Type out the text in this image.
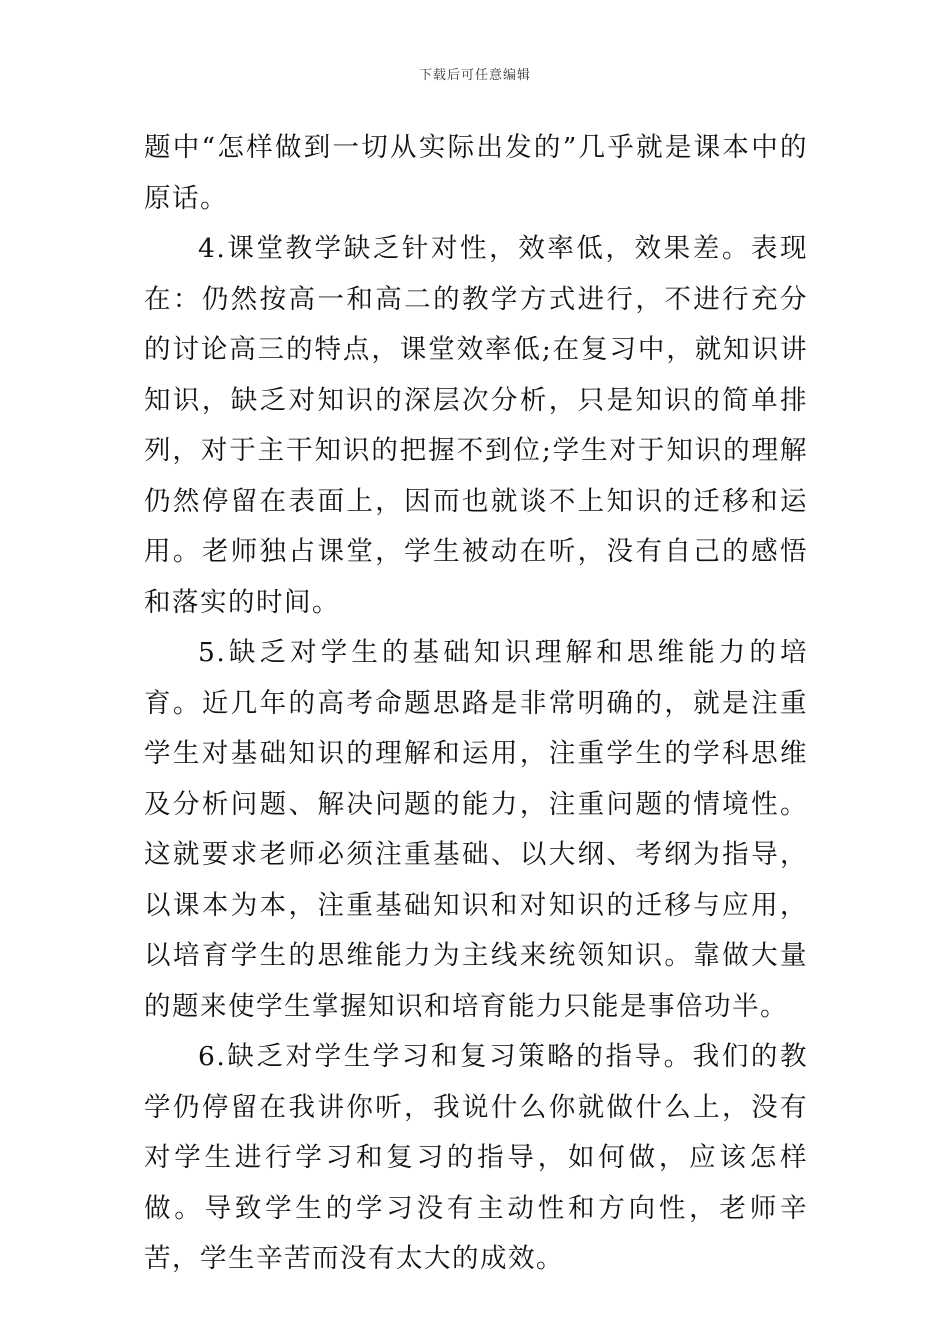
下载后可任意编辑

题中“怎样做到一切从实际出发的”几乎就是课本中的原话。

4.课堂教学缺乏针对性，效率低，效果差。表现在：仍然按高一和高二的教学方式进行，不进行充分的讨论高三的特点，课堂效率低;在复习中，就知识讲知识，缺乏对知识的深层次分析，只是知识的简单排列，对于主干知识的把握不到位;学生对于知识的理解仍然停留在表面上，因而也就谈不上知识的迁移和运用。老师独占课堂，学生被动在听，没有自己的感悟和落实的时间。

5.缺乏对学生的基础知识理解和思维能力的培育。近几年的高考命题思路是非常明确的，就是注重学生对基础知识的理解和运用，注重学生的学科思维及分析问题、解决问题的能力，注重问题的情境性。这就要求老师必须注重基础、以大纲、考纲为指导，以课本为本，注重基础知识和对知识的迁移与应用，以培育学生的思维能力为主线来统领知识。靠做大量的题来使学生掌握知识和培育能力只能是事倍功半。

6.缺乏对学生学习和复习策略的指导。我们的教学仍停留在我讲你听，我说什么你就做什么上，没有对学生进行学习和复习的指导，如何做，应该怎样做。导致学生的学习没有主动性和方向性，老师辛苦，学生辛苦而没有太大的成效。
